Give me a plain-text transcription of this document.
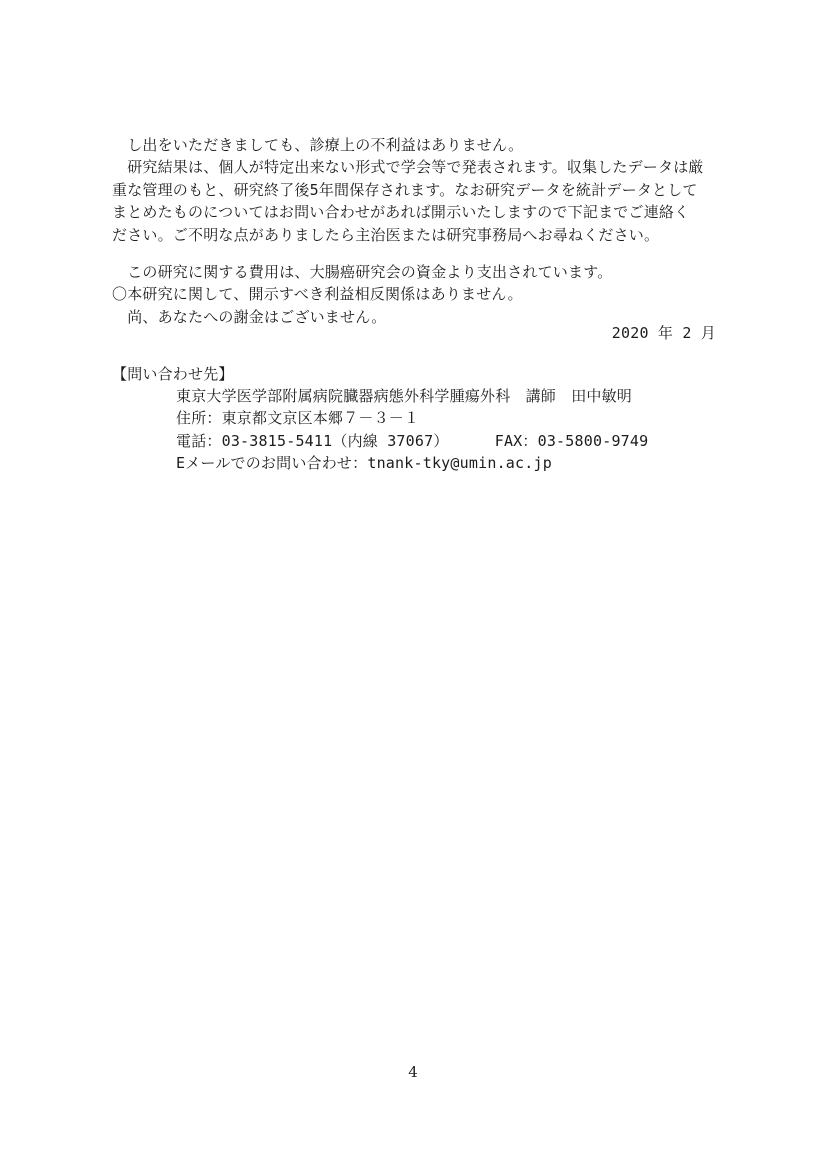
　し出をいただきましても、診療上の不利益はありません。
　研究結果は、個人が特定出来ない形式で学会等で発表されます。収集したデータは厳
重な管理のもと、研究終了後5年間保存されます。なお研究データを統計データとして
まとめたものについてはお問い合わせがあれば開示いたしますので下記までご連絡く
ださい。ご不明な点がありましたら主治医または研究事務局へお尋ねください。
　この研究に関する費用は、大腸癌研究会の資金より支出されています。
〇本研究に関して、開示すべき利益相反関係はありません。
　尚、あなたへの謝金はございません。
2020 年 2 月
【問い合わせ先】
東京大学医学部附属病院臓器病態外科学腫瘍外科　講師　田中敏明
住所：東京都文京区本郷７－３－１
電話：03-3815-5411（内線 37067）     FAX：03-5800-9749
Eメールでのお問い合わせ：tnank-tky@umin.ac.jp
4
